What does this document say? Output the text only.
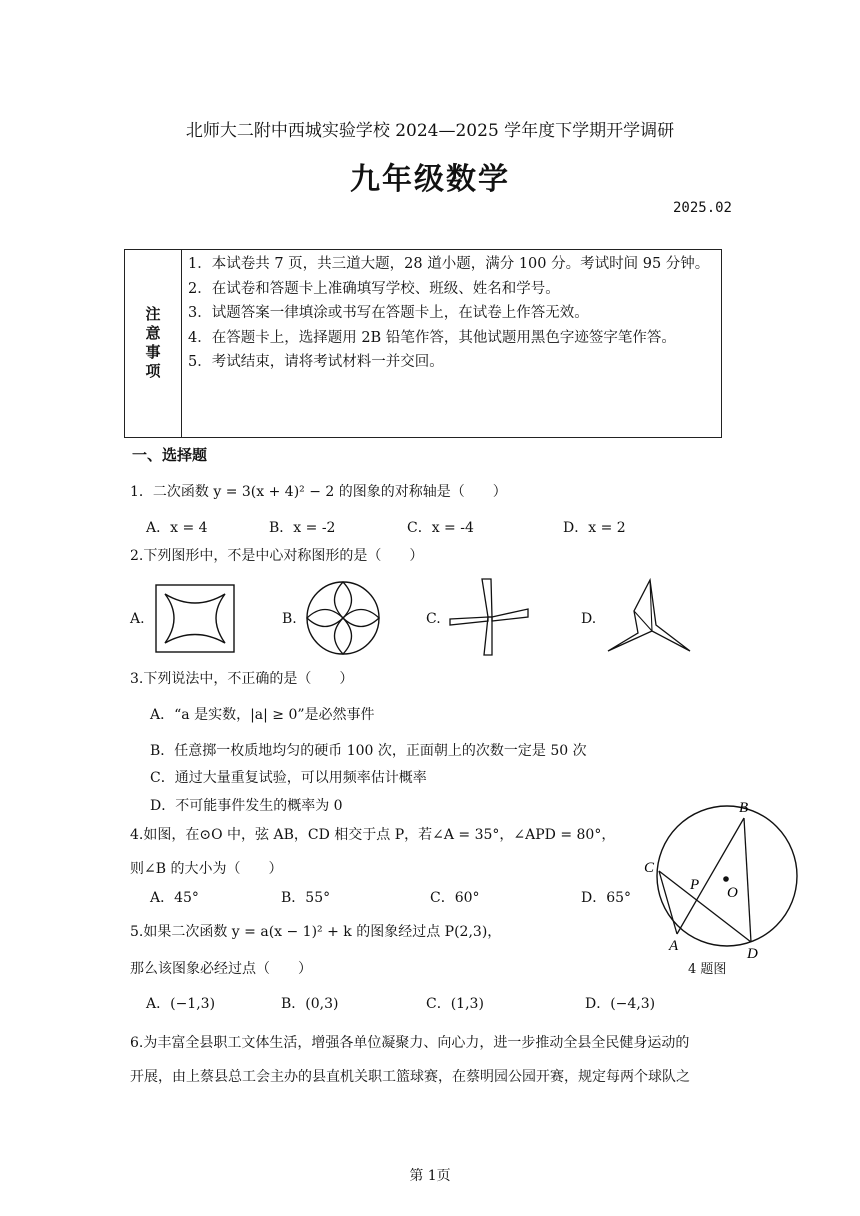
北师大二附中西城实验学校 2024—2025 学年度下学期开学调研
九年级数学
2025.02
注意事项
1．本试卷共 7 页，共三道大题，28 道小题，满分 100 分。考试时间 95 分钟。
2．在试卷和答题卡上准确填写学校、班级、姓名和学号。
3．试题答案一律填涂或书写在答题卡上，在试卷上作答无效。
4．在答题卡上，选择题用 2B 铅笔作答，其他试题用黑色字迹签字笔作答。
5．考试结束，请将考试材料一并交回。
一、选择题
1．二次函数 y = 3(x + 4)² − 2 的图象的对称轴是（　　）
A．x = 4	B．x = -2	C．x = -4	D．x = 2
2.下列图形中，不是中心对称图形的是（　　）
A.	B.	C.	D.
3.下列说法中，不正确的是（　　）
A．“a 是实数，|a| ≥ 0”是必然事件
B．任意掷一枚质地均匀的硬币 100 次，正面朝上的次数一定是 50 次
C．通过大量重复试验，可以用频率估计概率
D．不可能事件发生的概率为 0
4.如图，在⊙O 中，弦 AB，CD 相交于点 P，若∠A = 35°，∠APD = 80°，
则∠B 的大小为（　　）
A．45°	B．55°	C．60°	D．65°
B
C
P O
A	D
4 题图
5.如果二次函数 y = a(x − 1)² + k 的图象经过点 P(2,3)，
那么该图象必经过点（　　）
A．(−1,3)	B．(0,3)	C．(1,3)	D．(−4,3)
6.为丰富全县职工文体生活，增强各单位凝聚力、向心力，进一步推动全县全民健身运动的
开展，由上蔡县总工会主办的县直机关职工篮球赛，在蔡明园公园开赛，规定每两个球队之
第 1页
